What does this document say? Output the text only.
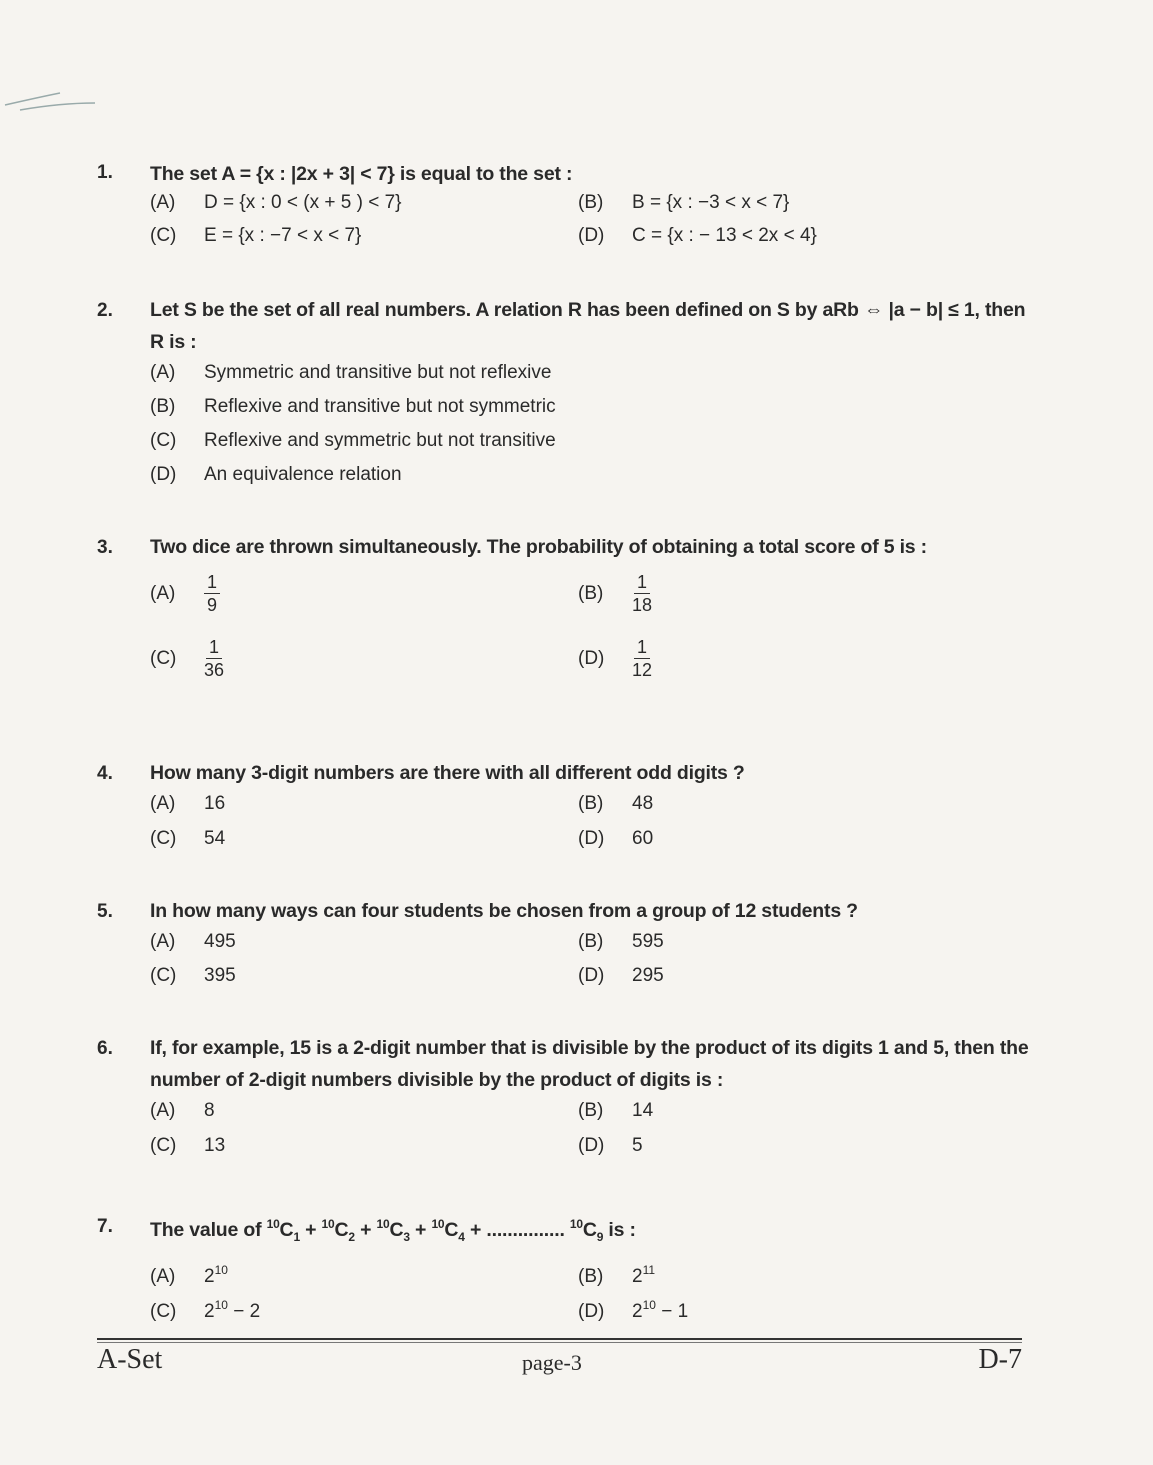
1. The set A = {x : |2x + 3| < 7} is equal to the set :
(A) D = {x : 0 < (x + 5 ) < 7}	(B) B = {x : −3 < x < 7}
(C) E = {x : −7 < x < 7}	(D) C = {x : − 13 < 2x < 4}
2. Let S be the set of all real numbers. A relation R has been defined on S by aRb ⇔ |a − b| ≤ 1, then R is :
(A) Symmetric and transitive but not reflexive
(B) Reflexive and transitive but not symmetric
(C) Reflexive and symmetric but not transitive
(D) An equivalence relation
3. Two dice are thrown simultaneously. The probability of obtaining a total score of 5 is :
$(A) \frac{1}{9}$	$(B) \frac{1}{18}$
$(C) \frac{1}{36}$	$(D) \frac{1}{12}$
4. How many 3-digit numbers are there with all different odd digits ?
(A) 16	(B) 48
(C) 54	(D) 60
5. In how many ways can four students be chosen from a group of 12 students ?
(A) 495	(B) 595
(C) 395	(D) 295
6. If, for example, 15 is a 2-digit number that is divisible by the product of its digits 1 and 5, then the number of 2-digit numbers divisible by the product of digits is :
(A) 8	(B) 14
(C) 13	(D) 5
7. The value of $^{10}C_1 + ^{10}C_2 + ^{10}C_3 + ^{10}C_4$ + ............... $^{10}C_9$ is :
(A) $2^{10}$	(B) $2^{11}$
(C) $2^{10} - 2$	(D) $2^{10} - 1$
A-Set	page-3	D-7
